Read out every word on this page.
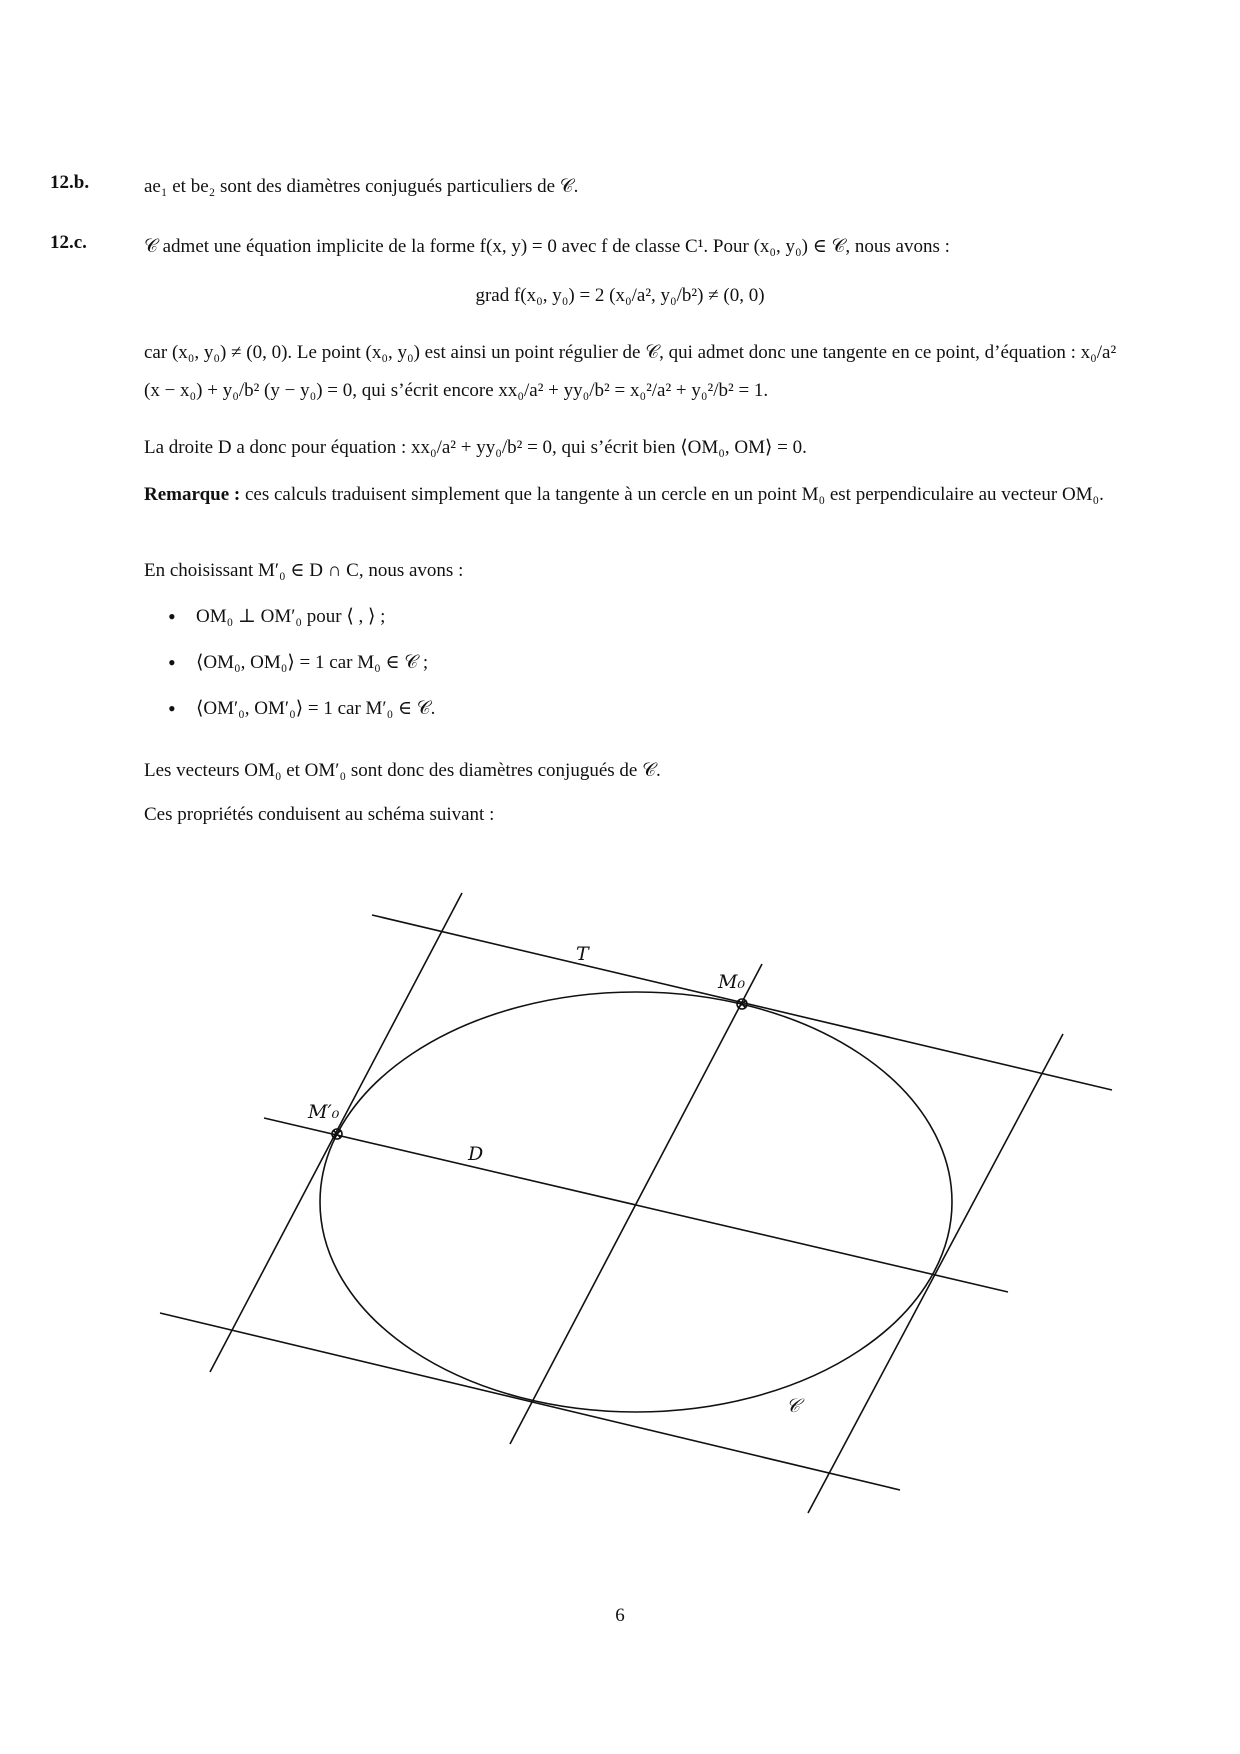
12.b.	ae₁ et be₂ sont des diamètres conjugués particuliers de 𝒞.
12.c.	𝒞 admet une équation implicite de la forme f(x, y) = 0 avec f de classe C¹. Pour (x₀, y₀) ∈ 𝒞, nous avons :
grad f(x₀, y₀) = 2 (x₀/a², y₀/b²) ≠ (0, 0)
car (x₀, y₀) ≠ (0, 0). Le point (x₀, y₀) est ainsi un point régulier de 𝒞, qui admet donc une tangente en ce point, d’équation : x₀/a² (x − x₀) + y₀/b² (y − y₀) = 0, qui s’écrit encore xx₀/a² + yy₀/b² = x₀²/a² + y₀²/b² = 1.
La droite D a donc pour équation : xx₀/a² + yy₀/b² = 0, qui s’écrit bien ⟨OM₀, OM⟩ = 0.
Remarque : ces calculs traduisent simplement que la tangente à un cercle en un point M₀ est perpendiculaire au vecteur OM₀.
En choisissant M′₀ ∈ D ∩ C, nous avons :
• OM₀ ⊥ OM′₀ pour ⟨ , ⟩ ;
• ⟨OM₀, OM₀⟩ = 1 car M₀ ∈ 𝒞 ;
• ⟨OM′₀, OM′₀⟩ = 1 car M′₀ ∈ 𝒞.
Les vecteurs OM₀ et OM′₀ sont donc des diamètres conjugués de 𝒞.
Ces propriétés conduisent au schéma suivant :
T
M₀
M′₀
D
𝒞
6
